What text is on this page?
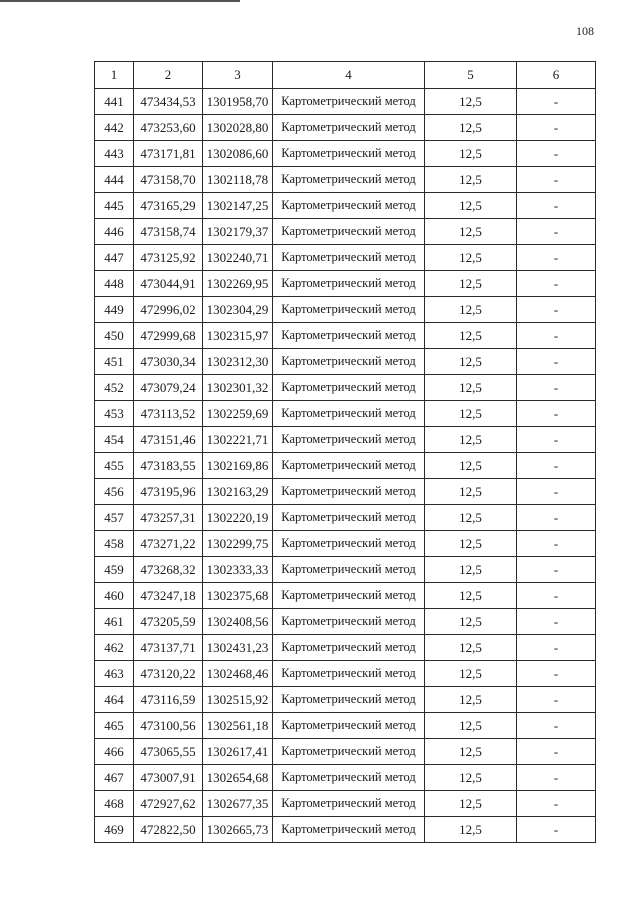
108
1	2	3	4	5	6
441	473434,53	1301958,70	Картометрический метод	12,5	-
442	473253,60	1302028,80	Картометрический метод	12,5	-
443	473171,81	1302086,60	Картометрический метод	12,5	-
444	473158,70	1302118,78	Картометрический метод	12,5	-
445	473165,29	1302147,25	Картометрический метод	12,5	-
446	473158,74	1302179,37	Картометрический метод	12,5	-
447	473125,92	1302240,71	Картометрический метод	12,5	-
448	473044,91	1302269,95	Картометрический метод	12,5	-
449	472996,02	1302304,29	Картометрический метод	12,5	-
450	472999,68	1302315,97	Картометрический метод	12,5	-
451	473030,34	1302312,30	Картометрический метод	12,5	-
452	473079,24	1302301,32	Картометрический метод	12,5	-
453	473113,52	1302259,69	Картометрический метод	12,5	-
454	473151,46	1302221,71	Картометрический метод	12,5	-
455	473183,55	1302169,86	Картометрический метод	12,5	-
456	473195,96	1302163,29	Картометрический метод	12,5	-
457	473257,31	1302220,19	Картометрический метод	12,5	-
458	473271,22	1302299,75	Картометрический метод	12,5	-
459	473268,32	1302333,33	Картометрический метод	12,5	-
460	473247,18	1302375,68	Картометрический метод	12,5	-
461	473205,59	1302408,56	Картометрический метод	12,5	-
462	473137,71	1302431,23	Картометрический метод	12,5	-
463	473120,22	1302468,46	Картометрический метод	12,5	-
464	473116,59	1302515,92	Картометрический метод	12,5	-
465	473100,56	1302561,18	Картометрический метод	12,5	-
466	473065,55	1302617,41	Картометрический метод	12,5	-
467	473007,91	1302654,68	Картометрический метод	12,5	-
468	472927,62	1302677,35	Картометрический метод	12,5	-
469	472822,50	1302665,73	Картометрический метод	12,5	-
